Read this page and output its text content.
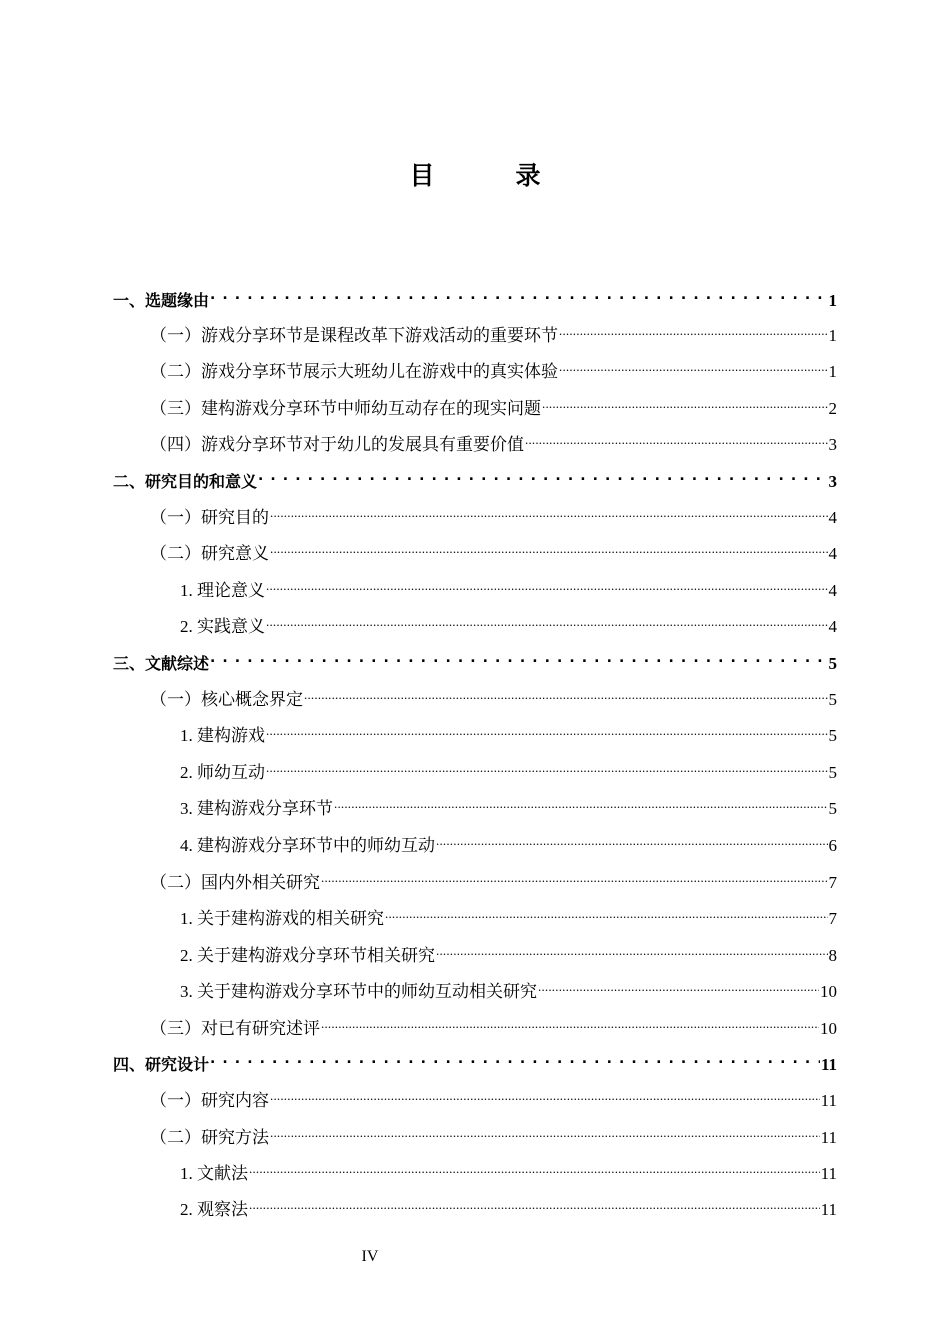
目　录
一、选题缘由 . . .	1
（一）游戏分享环节是课程改革下游戏活动的重要环节 .....	1
（二）游戏分享环节展示大班幼儿在游戏中的真实体验 .....	1
（三）建构游戏分享环节中师幼互动存在的现实问题 .....	2
（四）游戏分享环节对于幼儿的发展具有重要价值 .....	3
二、研究目的和意义 . . .	3
（一）研究目的 .....	4
（二）研究意义 .....	4
1. 理论意义 .....	4
2. 实践意义 .....	4
三、文献综述 . . .	5
（一）核心概念界定 .....	5
1. 建构游戏 .....	5
2. 师幼互动 .....	5
3. 建构游戏分享环节 .....	5
4. 建构游戏分享环节中的师幼互动 .....	6
（二）国内外相关研究 .....	7
1. 关于建构游戏的相关研究 .....	7
2. 关于建构游戏分享环节相关研究 .....	8
3. 关于建构游戏分享环节中的师幼互动相关研究 .....	10
（三）对已有研究述评 .....	10
四、研究设计 . . .	11
（一）研究内容 .....	11
（二）研究方法 .....	11
1. 文献法 .....	11
2. 观察法 .....	11
IV
